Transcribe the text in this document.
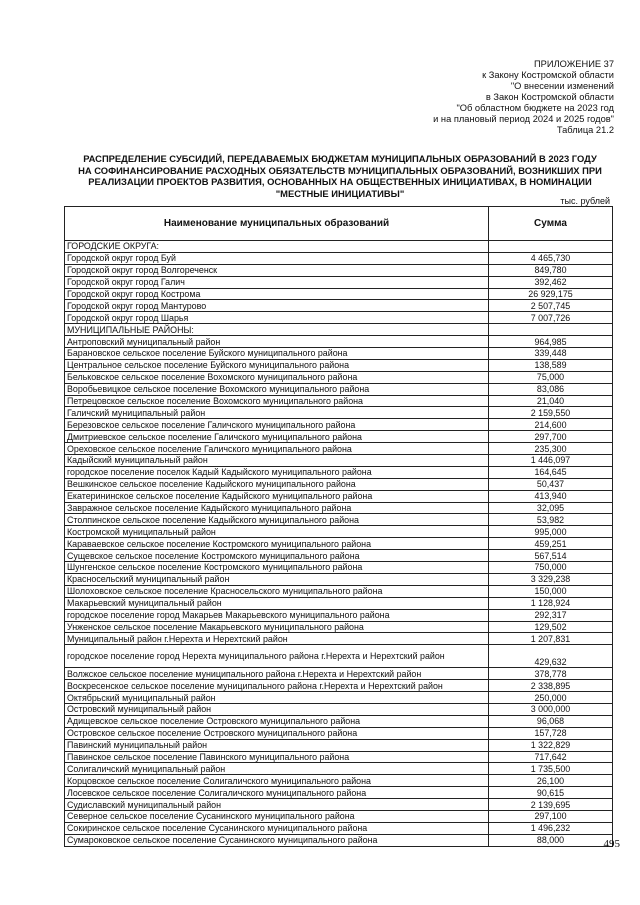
ПРИЛОЖЕНИЕ 37
к Закону Костромской области
"О внесении изменений
в Закон Костромской области
"Об областном бюджете на 2023 год
и на плановый период 2024 и 2025 годов"
Таблица 21.2
РАСПРЕДЕЛЕНИЕ СУБСИДИЙ, ПЕРЕДАВАЕМЫХ БЮДЖЕТАМ МУНИЦИПАЛЬНЫХ ОБРАЗОВАНИЙ В 2023 ГОДУ
НА СОФИНАНСИРОВАНИЕ РАСХОДНЫХ ОБЯЗАТЕЛЬСТВ МУНИЦИПАЛЬНЫХ ОБРАЗОВАНИЙ, ВОЗНИКШИХ ПРИ
РЕАЛИЗАЦИИ ПРОЕКТОВ РАЗВИТИЯ, ОСНОВАННЫХ НА ОБЩЕСТВЕННЫХ ИНИЦИАТИВАХ, В НОМИНАЦИИ
"МЕСТНЫЕ ИНИЦИАТИВЫ"
тыс. рублей
Наименование муниципальных образований	Сумма
ГОРОДСКИЕ ОКРУГА:	
Городской округ город Буй	4 465,730
Городской округ город Волгореченск	849,780
Городской округ город Галич	392,462
Городской округ город Кострома	26 929,175
Городской округ город Мантурово	2 507,745
Городской округ город Шарья	7 007,726
МУНИЦИПАЛЬНЫЕ РАЙОНЫ:	
Антроповский муниципальный район	964,985
Барановское сельское поселение Буйского муниципального района	339,448
Центральное сельское поселение Буйского муниципального района	138,589
Бельковское сельское поселение Вохомского муниципального района	75,000
Воробьевицкое сельское поселение Вохомского муниципального района	83,086
Петрецовское сельское поселение Вохомского муниципального района	21,040
Галичский муниципальный район	2 159,550
Березовское сельское поселение Галичского муниципального района	214,600
Дмитриевское сельское поселение Галичского муниципального района	297,700
Ореховское сельское поселение Галичского муниципального района	235,300
Кадыйский муниципальный район	1 446,097
городское поселение поселок Кадый Кадыйского муниципального района	164,645
Вешкинское сельское поселение Кадыйского муниципального района	50,437
Екатерининское сельское поселение Кадыйского муниципального района	413,940
Завражное сельское поселение Кадыйского муниципального района	32,095
Столпинское сельское поселение Кадыйского муниципального района	53,982
Костромской муниципальный район	995,000
Караваевское сельское поселение Костромского муниципального района	459,251
Сущевское сельское поселение Костромского муниципального района	567,514
Шунгенское сельское поселение Костромского муниципального района	750,000
Красносельский муниципальный район	3 329,238
Шолоховское сельское поселение Красносельского муниципального района	150,000
Макарьевский муниципальный район	1 128,924
городское поселение город Макарьев Макарьевского муниципального района	292,317
Унженское сельское поселение Макарьевского муниципального района	129,502
Муниципальный район г.Нерехта и Нерехтский район	1 207,831
городское поселение город Нерехта муниципального района г.Нерехта и Нерехтский район	429,632
Волжское сельское поселение муниципального района г.Нерехта и Нерехтский район	378,778
Воскресенское сельское поселение муниципального района г.Нерехта и Нерехтский район	2 338,895
Октябрьский муниципальный район	250,000
Островский муниципальный район	3 000,000
Адищевское сельское поселение Островского муниципального района	96,068
Островское сельское поселение Островского муниципального района	157,728
Павинский муниципальный район	1 322,829
Павинское сельское поселение Павинского муниципального района	717,642
Солигаличский муниципальный район	1 735,500
Корцовское сельское поселение Солигаличского муниципального района	26,100
Лосевское сельское поселение Солигаличского муниципального района	90,615
Судиславский муниципальный район	2 139,695
Северное сельское поселение Сусанинского муниципального района	297,100
Сокиринское сельское поселение Сусанинского муниципального района	1 496,232
Сумароковское сельское поселение Сусанинского муниципального района	88,000	495
